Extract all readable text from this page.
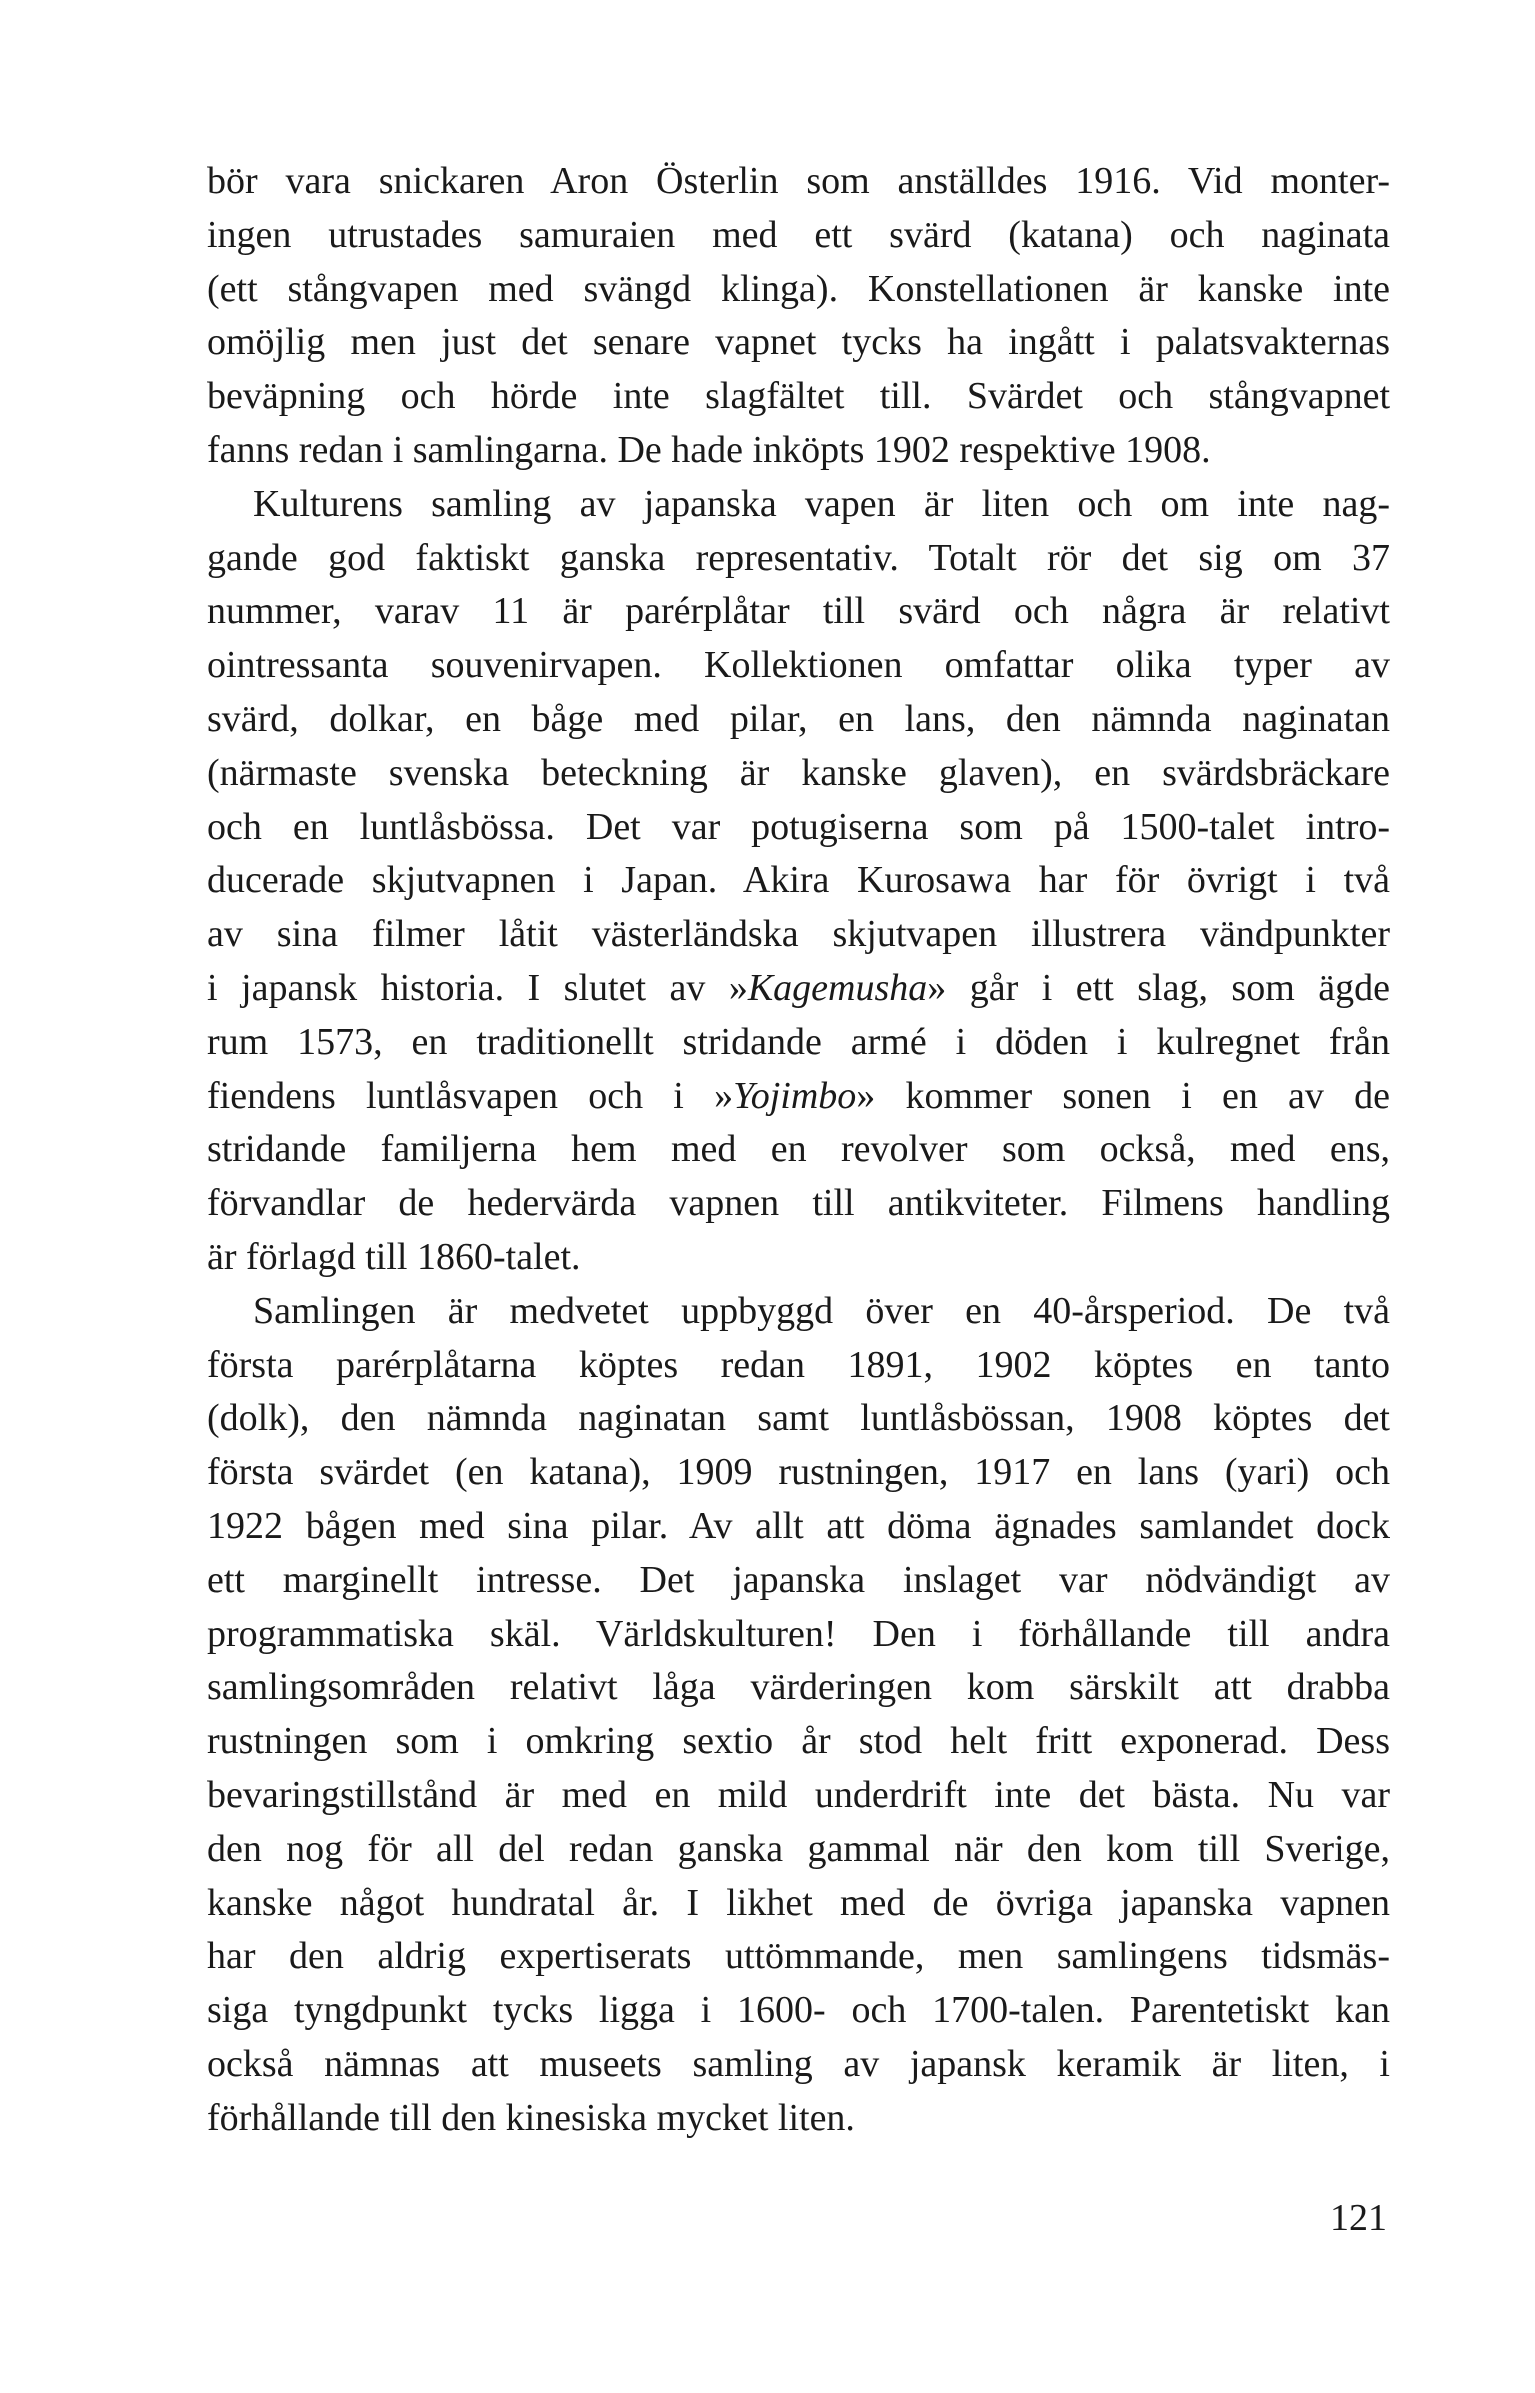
bör vara snickaren Aron Österlin som anställdes 1916. Vid monter-
ingen utrustades samuraien med ett svärd (katana) och naginata
(ett stångvapen med svängd klinga). Konstellationen är kanske inte
omöjlig men just det senare vapnet tycks ha ingått i palatsvakternas
beväpning och hörde inte slagfältet till. Svärdet och stångvapnet
fanns redan i samlingarna. De hade inköpts 1902 respektive 1908.
Kulturens samling av japanska vapen är liten och om inte nag-
gande god faktiskt ganska representativ. Totalt rör det sig om 37
nummer, varav 11 är parérplåtar till svärd och några är relativt
ointressanta souvenirvapen. Kollektionen omfattar olika typer av
svärd, dolkar, en båge med pilar, en lans, den nämnda naginatan
(närmaste svenska beteckning är kanske glaven), en svärdsbräckare
och en luntlåsbössa. Det var potugiserna som på 1500-talet intro-
ducerade skjutvapnen i Japan. Akira Kurosawa har för övrigt i två
av sina filmer låtit västerländska skjutvapen illustrera vändpunkter
i japansk historia. I slutet av »Kagemusha» går i ett slag, som ägde
rum 1573, en traditionellt stridande armé i döden i kulregnet från
fiendens luntlåsvapen och i »Yojimbo» kommer sonen i en av de
stridande familjerna hem med en revolver som också, med ens,
förvandlar de hedervärda vapnen till antikviteter. Filmens handling
är förlagd till 1860-talet.
Samlingen är medvetet uppbyggd över en 40-årsperiod. De två
första parérplåtarna köptes redan 1891, 1902 köptes en tanto
(dolk), den nämnda naginatan samt luntlåsbössan, 1908 köptes det
första svärdet (en katana), 1909 rustningen, 1917 en lans (yari) och
1922 bågen med sina pilar. Av allt att döma ägnades samlandet dock
ett marginellt intresse. Det japanska inslaget var nödvändigt av
programmatiska skäl. Världskulturen! Den i förhållande till andra
samlingsområden relativt låga värderingen kom särskilt att drabba
rustningen som i omkring sextio år stod helt fritt exponerad. Dess
bevaringstillstånd är med en mild underdrift inte det bästa. Nu var
den nog för all del redan ganska gammal när den kom till Sverige,
kanske något hundratal år. I likhet med de övriga japanska vapnen
har den aldrig expertiserats uttömmande, men samlingens tidsmäs-
siga tyngdpunkt tycks ligga i 1600- och 1700-talen. Parentetiskt kan
också nämnas att museets samling av japansk keramik är liten, i
förhållande till den kinesiska mycket liten.
121
